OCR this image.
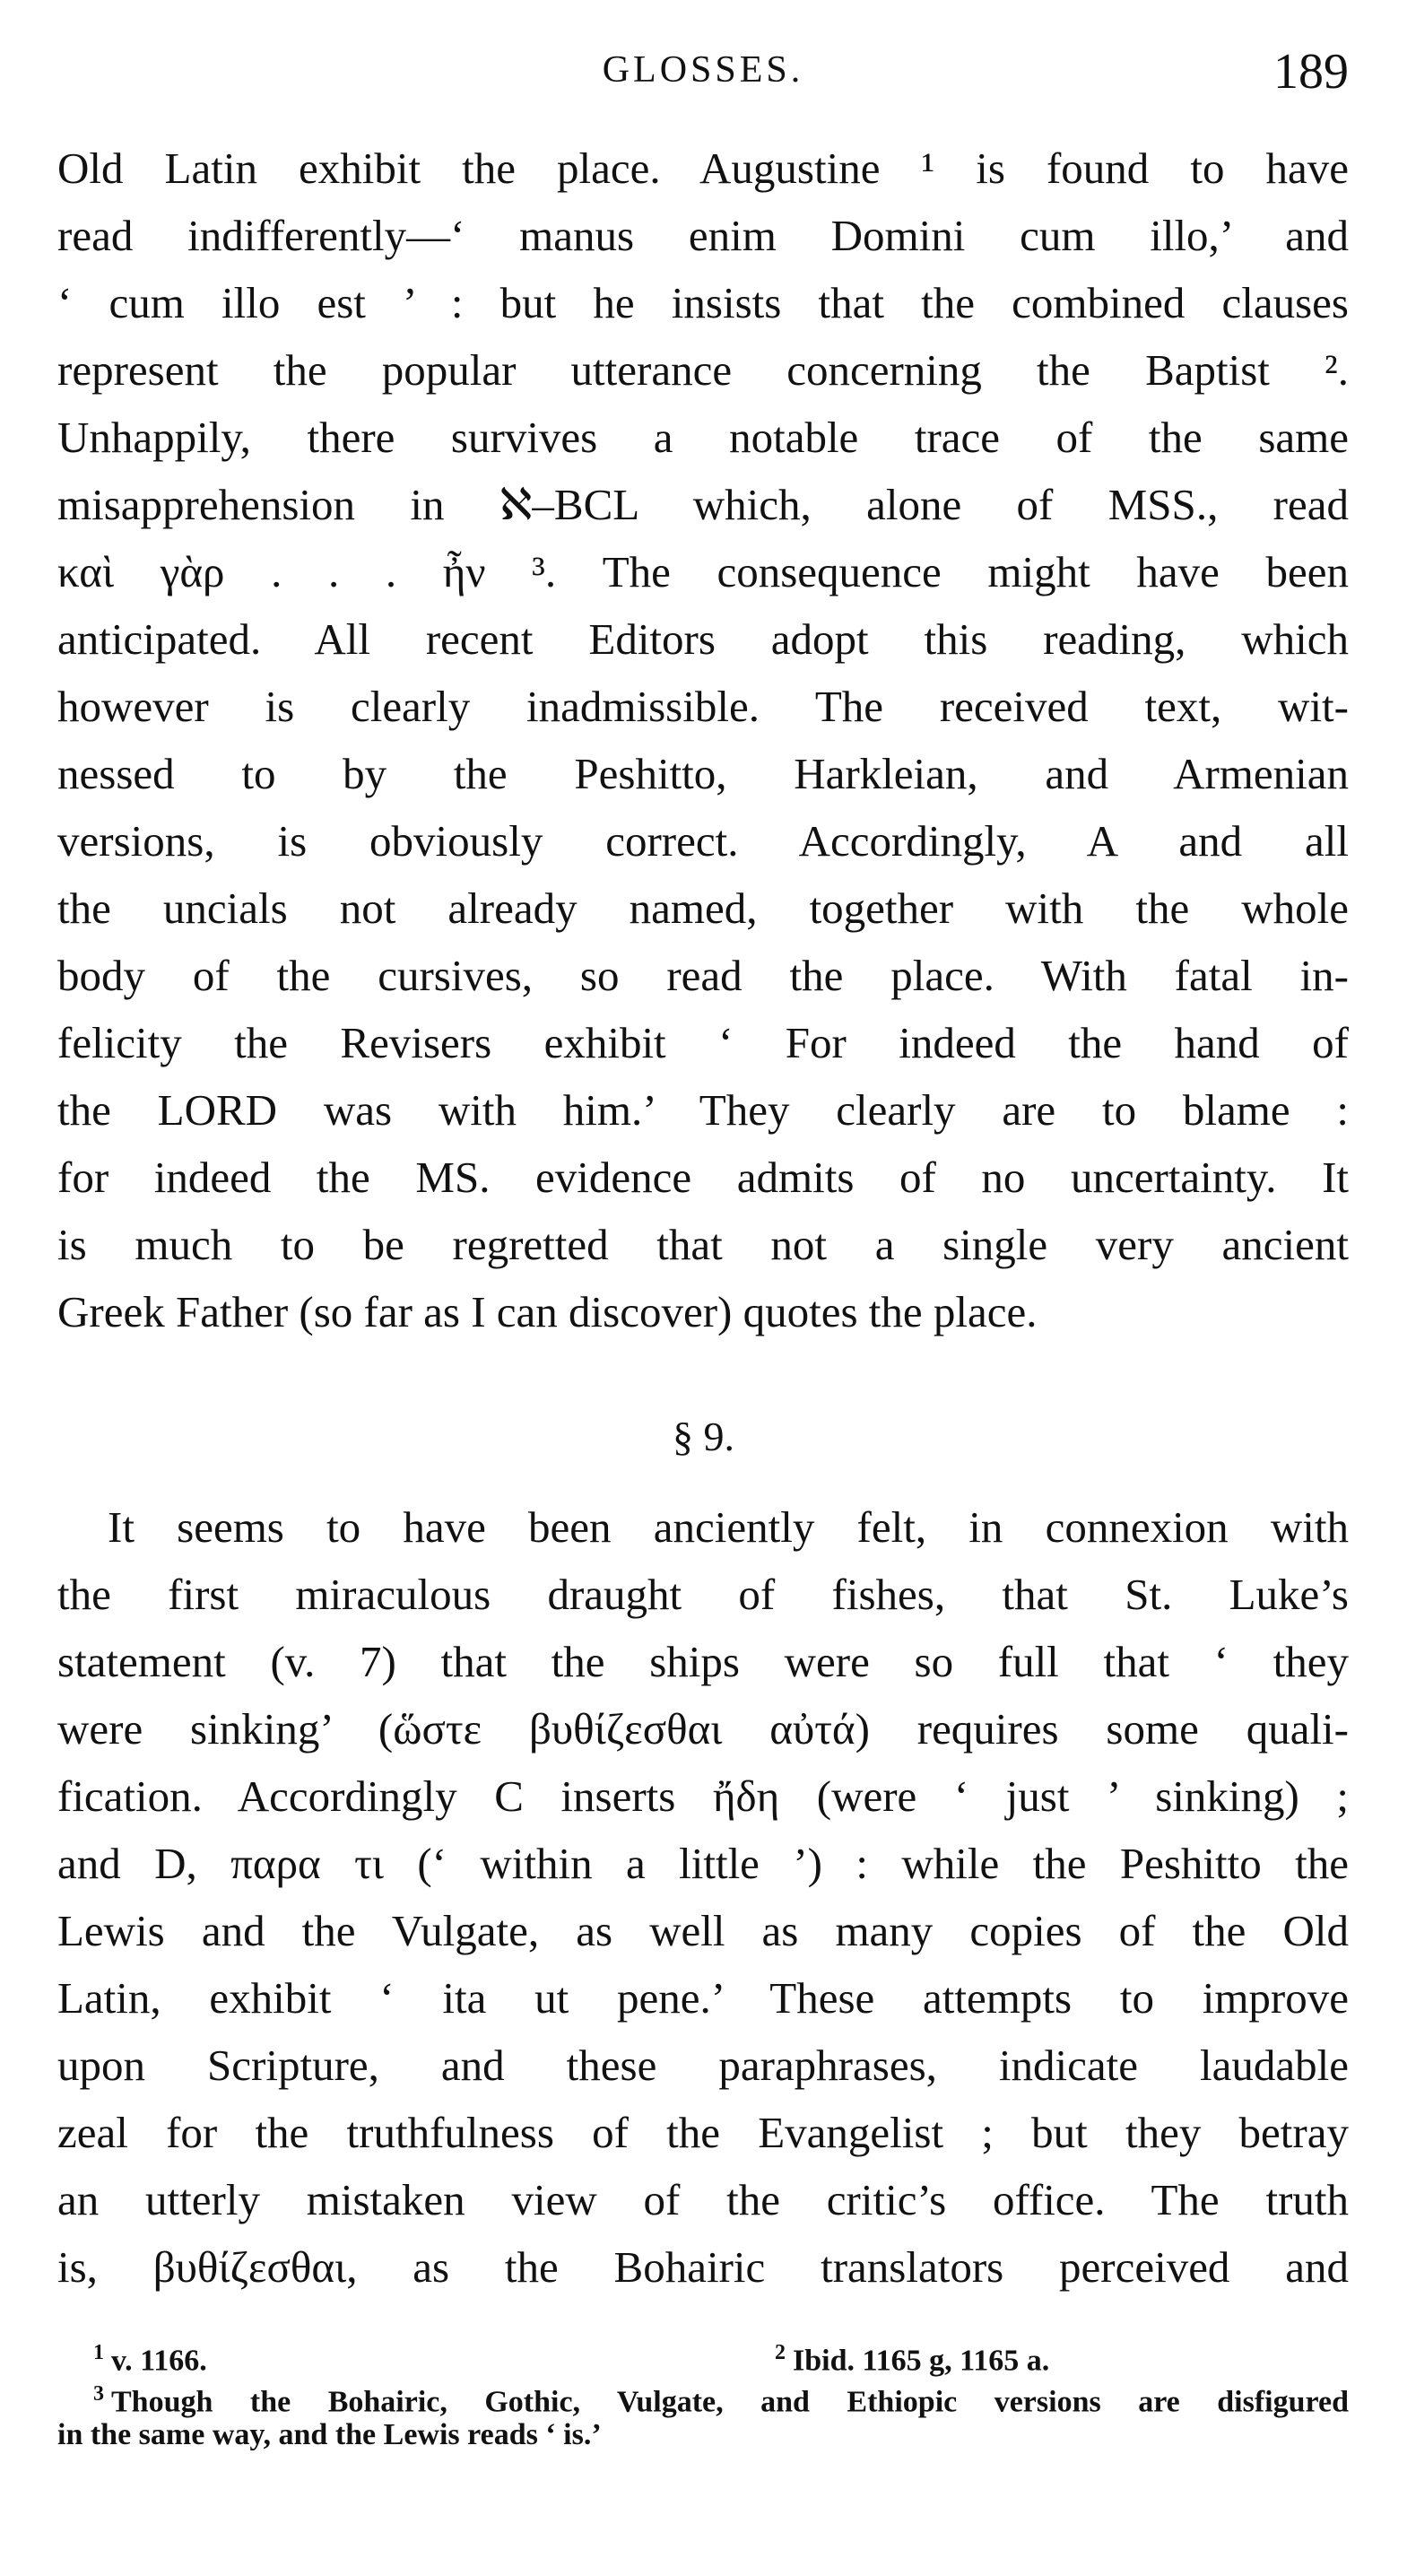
GLOSSES.	189
Old Latin exhibit the place. Augustine ¹ is found to have
read indifferently—‘ manus enim Domini cum illo,’ and
‘ cum illo est ’ : but he insists that the combined clauses
represent the popular utterance concerning the Baptist ².
Unhappily, there survives a notable trace of the same
misapprehension in ℵ–BCL which, alone of MSS., read
καὶ γὰρ . . . ἦν ³. The consequence might have been
anticipated. All recent Editors adopt this reading, which
however is clearly inadmissible. The received text, wit-
nessed to by the Peshitto, Harkleian, and Armenian
versions, is obviously correct. Accordingly, A and all
the uncials not already named, together with the whole
body of the cursives, so read the place. With fatal in-
felicity the Revisers exhibit ‘ For indeed the hand of
the LORD was with him.’ They clearly are to blame :
for indeed the MS. evidence admits of no uncertainty. It
is much to be regretted that not a single very ancient
Greek Father (so far as I can discover) quotes the place.
§ 9.
It seems to have been anciently felt, in connexion with
the first miraculous draught of fishes, that St. Luke’s
statement (v. 7) that the ships were so full that ‘ they
were sinking’ (ὥστε βυθίζεσθαι αὐτά) requires some quali-
fication. Accordingly C inserts ἤδη (were ‘ just ’ sinking) ;
and D, παρα τι (‘ within a little ’) : while the Peshitto the
Lewis and the Vulgate, as well as many copies of the Old
Latin, exhibit ‘ ita ut pene.’ These attempts to improve
upon Scripture, and these paraphrases, indicate laudable
zeal for the truthfulness of the Evangelist ; but they betray
an utterly mistaken view of the critic’s office. The truth
is, βυθίζεσθαι, as the Bohairic translators perceived and
$^1$ v. 1166.	$^2$ Ibid. 1165 g, 1165 a.
$^3$ Though the Bohairic, Gothic, Vulgate, and Ethiopic versions are disfigured
in the same way, and the Lewis reads ‘ is.’
